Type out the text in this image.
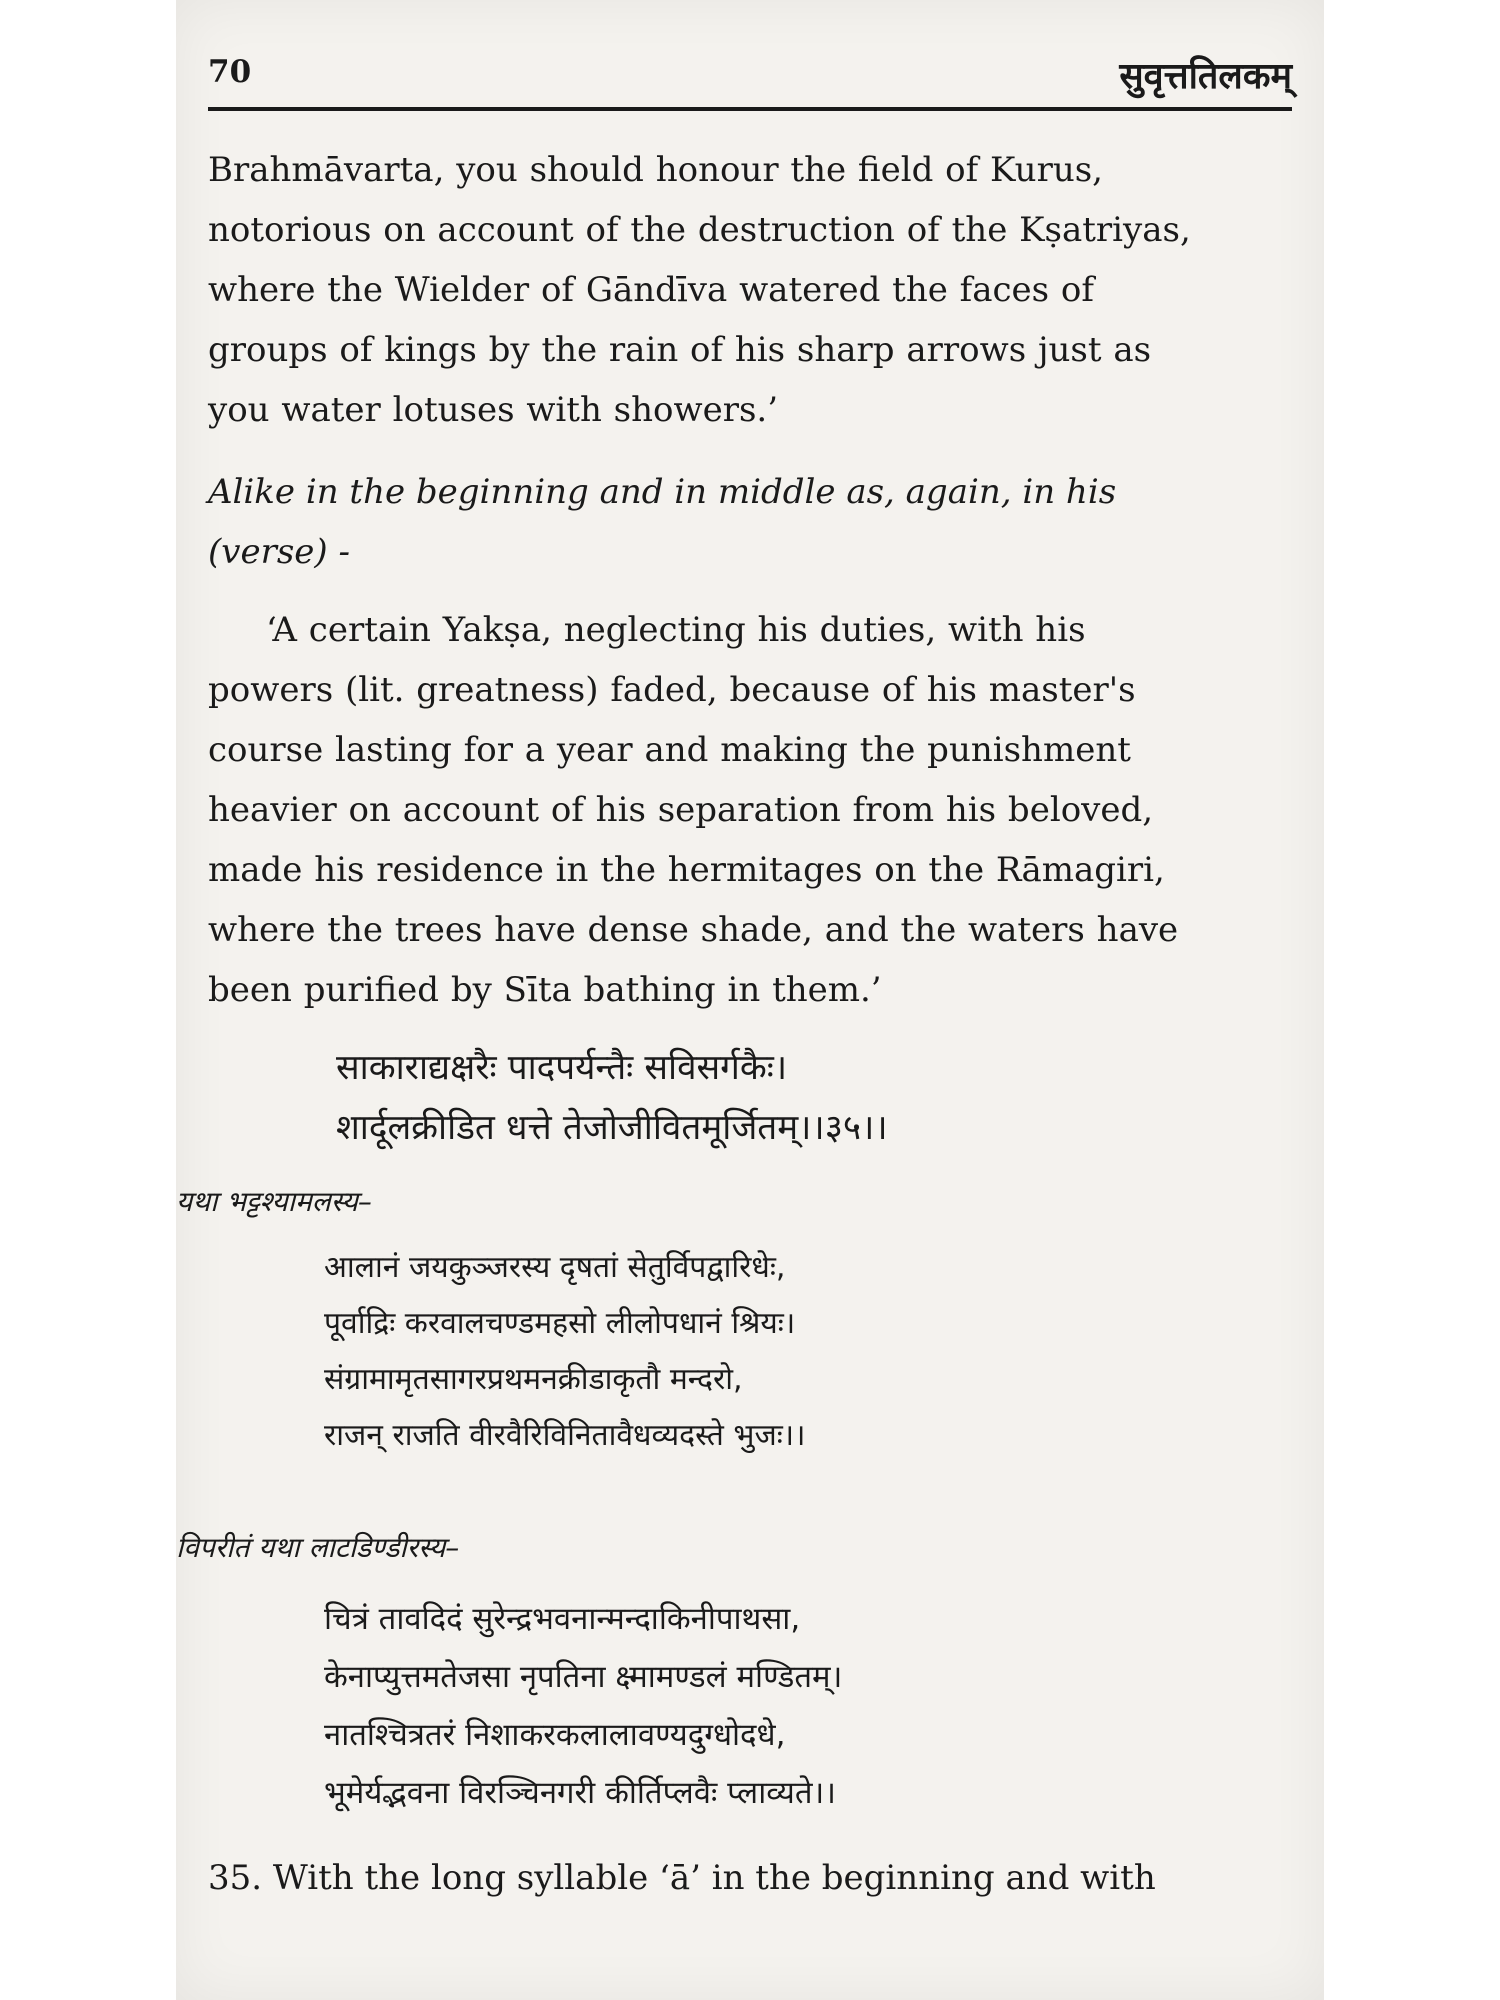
70	सुवृत्ततिलकम्

Brahmāvarta, you should honour the field of Kurus,

notorious on account of the destruction of the Kṣatriyas,

where the Wielder of Gāndīva watered the faces of

groups of kings by the rain of his sharp arrows just as

you water lotuses with showers.’

Alike in the beginning and in middle as, again, in his

(verse) -

‘A certain Yakṣa, neglecting his duties, with his

powers (lit. greatness) faded, because of his master's

course lasting for a year and making the punishment

heavier on account of his separation from his beloved,

made his residence in the hermitages on the Rāmagiri,

where the trees have dense shade, and the waters have

been purified by Sīta bathing in them.’

साकाराद्यक्षरैः पादपर्यन्तैः सविसर्गकैः।
शार्दूलक्रीडित धत्ते तेजोजीवितमूर्जितम्।।३५।।
यथा भट्टश्यामलस्य–
आलानं जयकुञ्जरस्य दृषतां सेतुर्विपद्वारिधेः,
पूर्वाद्रिः करवालचण्डमहसो लीलोपधानं श्रियः।
संग्रामामृतसागरप्रथमनक्रीडाकृतौ मन्दरो,
राजन् राजति वीरवैरिविनितावैधव्यदस्ते भुजः।।
विपरीतं यथा लाटडिण्डीरस्य–
चित्रं तावदिदं सुरेन्द्रभवनान्मन्दाकिनीपाथसा,
केनाप्युत्तमतेजसा नृपतिना क्ष्मामण्डलं मण्डितम्।
नातश्चित्रतरं निशाकरकलालावण्यदुग्धोदधे,
भूमेर्यद्भवना विरञ्चिनगरी कीर्तिप्लवैः प्लाव्यते।।
35. With the long syllable ‘ā’ in the beginning and with
